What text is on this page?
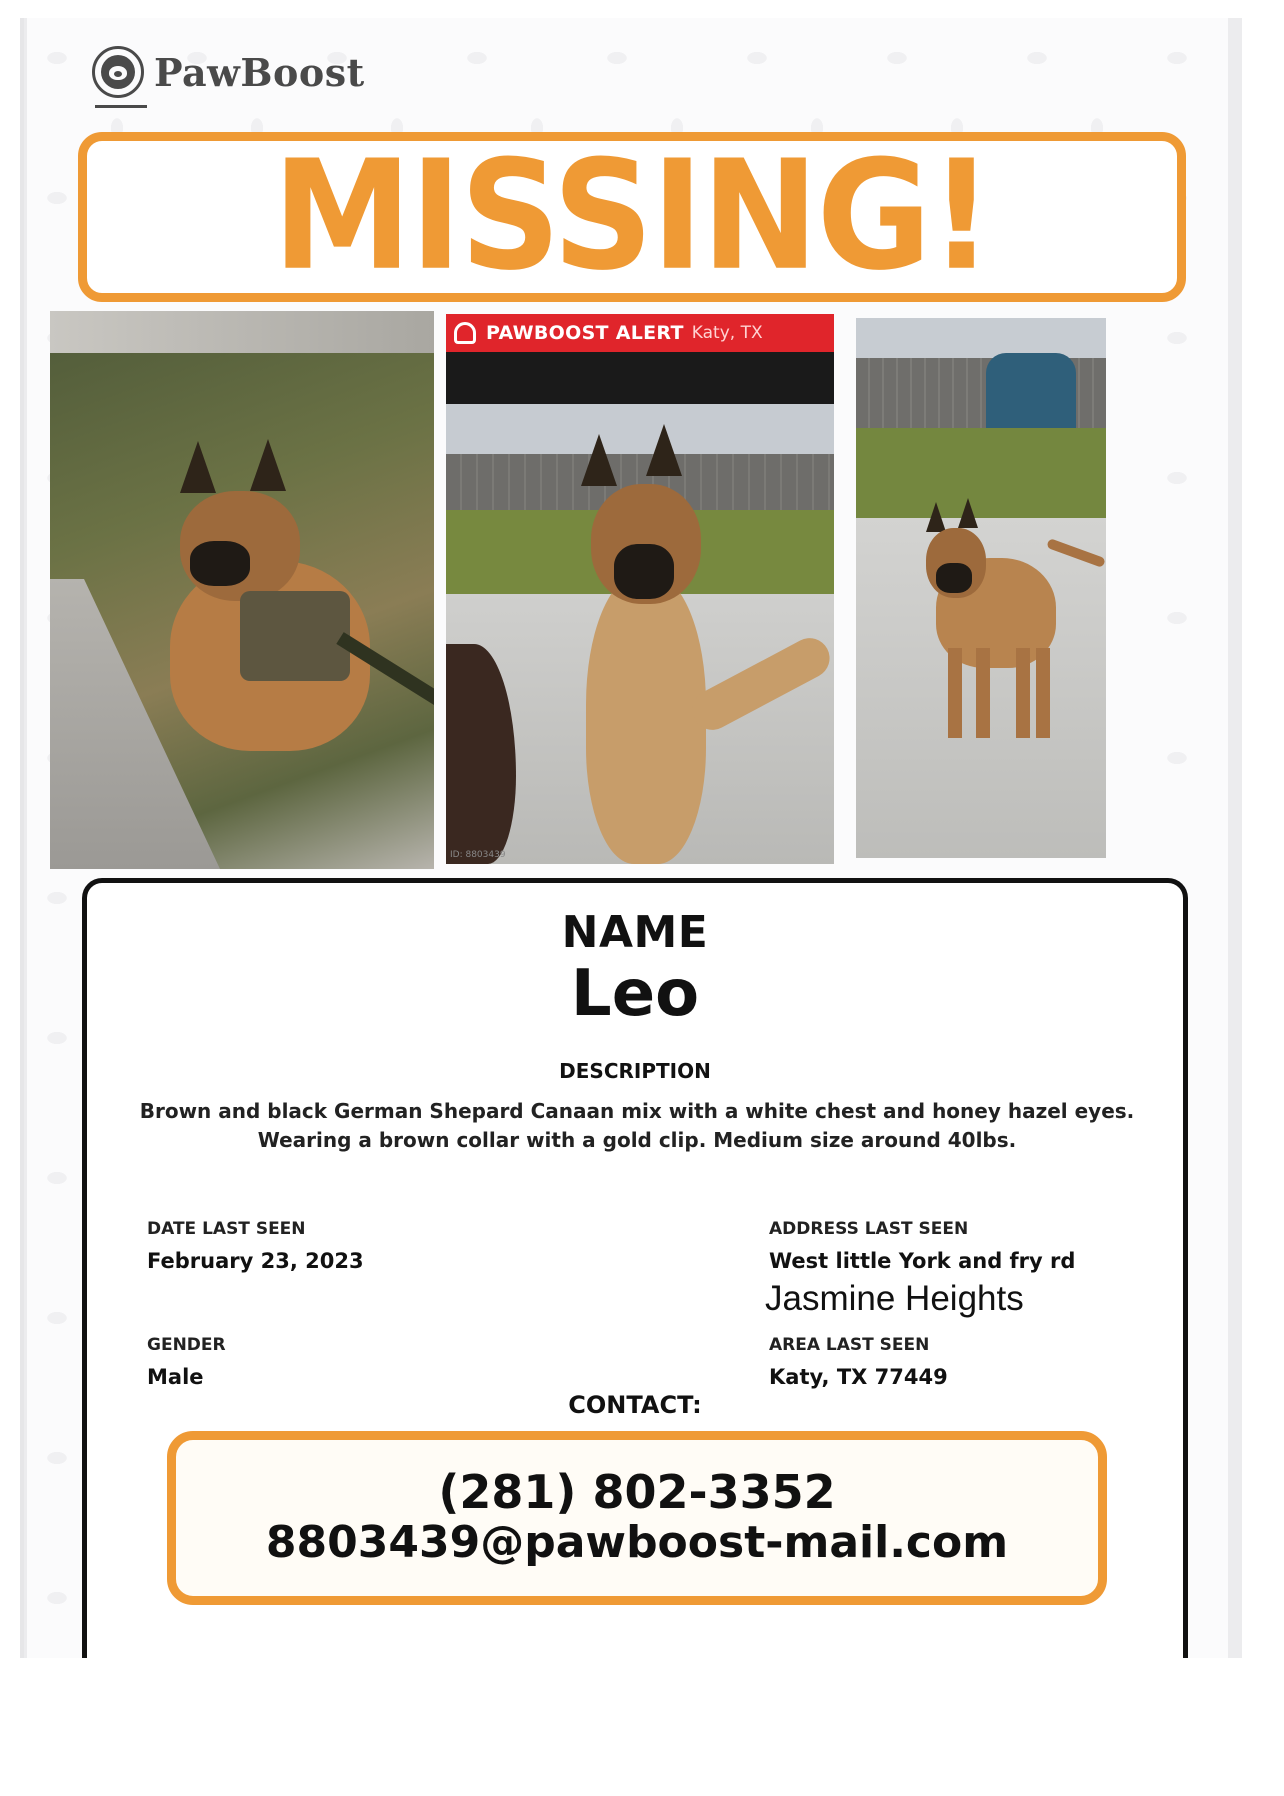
PawBoost
MISSING!
PAWBOOST ALERT Katy, TX
ID: 8803439
NAME
Leo
DESCRIPTION
Brown and black German Shepard Canaan mix with a white chest and honey hazel eyes. Wearing a brown collar with a gold clip. Medium size around 40lbs.
DATE LAST SEEN
February 23, 2023
GENDER
Male
ADDRESS LAST SEEN
West little York and fry rd
Jasmine Heights
AREA LAST SEEN
Katy, TX 77449
CONTACT:
(281) 802-3352
8803439@pawboost-mail.com
